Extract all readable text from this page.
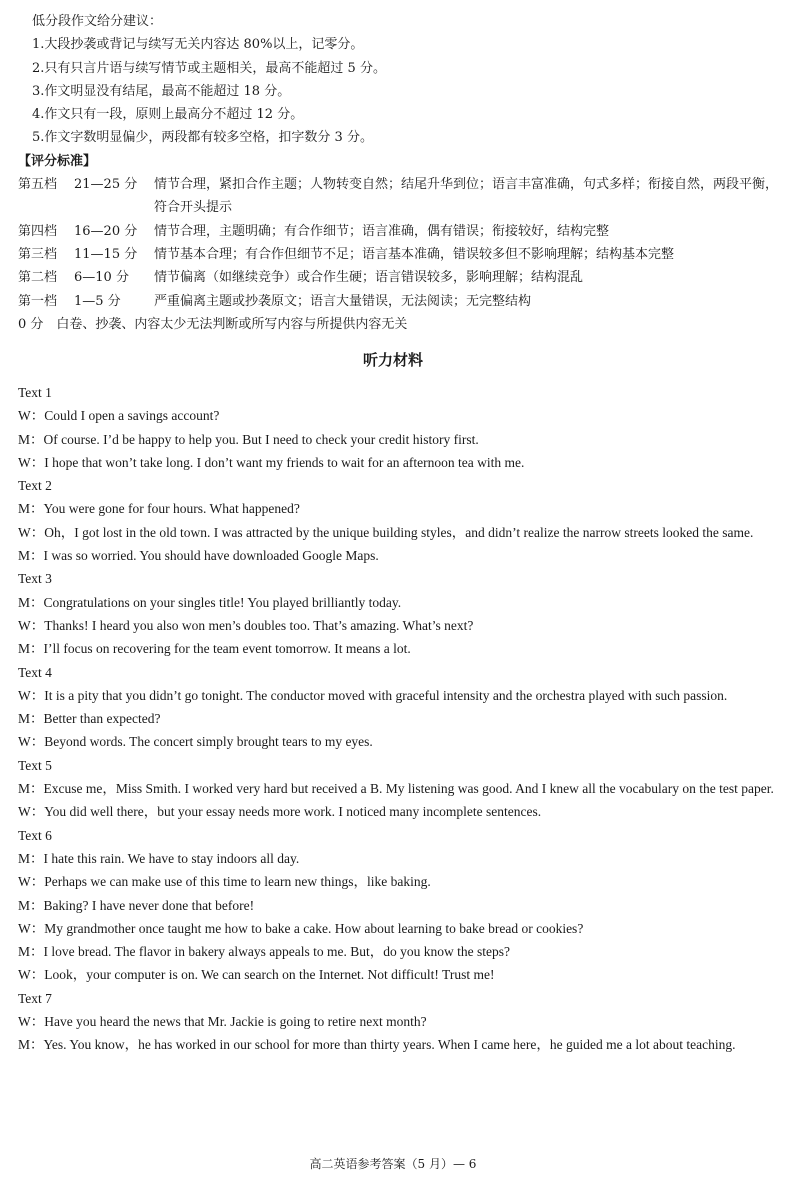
低分段作文给分建议：
1.大段抄袭或背记与续写无关内容达 80%以上，记零分。
2.只有只言片语与续写情节或主题相关，最高不能超过 5 分。
3.作文明显没有结尾，最高不能超过 18 分。
4.作文只有一段，原则上最高分不超过 12 分。
5.作文字数明显偏少，两段都有较多空格，扣字数分 3 分。
【评分标准】
第五档	21—25 分	情节合理，紧扣合作主题；人物转变自然；结尾升华到位；语言丰富准确，句式多样；衔接自然，两段平衡，符合开头提示
第四档	16—20 分	情节合理，主题明确；有合作细节；语言准确，偶有错误；衔接较好，结构完整
第三档	11—15 分	情节基本合理；有合作但细节不足；语言基本准确，错误较多但不影响理解；结构基本完整
第二档	6—10 分	情节偏离（如继续竞争）或合作生硬；语言错误较多，影响理解；结构混乱
第一档	1—5 分	严重偏离主题或抄袭原文；语言大量错误，无法阅读；无完整结构
0 分　白卷、抄袭、内容太少无法判断或所写内容与所提供内容无关
听力材料
Text 1
W：Could I open a savings account?
M：Of course. I’d be happy to help you. But I need to check your credit history first.
W：I hope that won’t take long. I don’t want my friends to wait for an afternoon tea with me.
Text 2
M：You were gone for four hours. What happened?
W：Oh，I got lost in the old town. I was attracted by the unique building styles，and didn’t realize the narrow streets looked the same.
M：I was so worried. You should have downloaded Google Maps.
Text 3
M：Congratulations on your singles title! You played brilliantly today.
W：Thanks! I heard you also won men’s doubles too. That’s amazing. What’s next?
M：I’ll focus on recovering for the team event tomorrow. It means a lot.
Text 4
W：It is a pity that you didn’t go tonight. The conductor moved with graceful intensity and the orchestra played with such passion.
M：Better than expected?
W：Beyond words. The concert simply brought tears to my eyes.
Text 5
M：Excuse me，Miss Smith. I worked very hard but received a B. My listening was good. And I knew all the vocabulary on the test paper.
W：You did well there，but your essay needs more work. I noticed many incomplete sentences.
Text 6
M：I hate this rain. We have to stay indoors all day.
W：Perhaps we can make use of this time to learn new things，like baking.
M：Baking? I have never done that before!
W：My grandmother once taught me how to bake a cake. How about learning to bake bread or cookies?
M：I love bread. The flavor in bakery always appeals to me. But，do you know the steps?
W：Look，your computer is on. We can search on the Internet. Not difficult! Trust me!
Text 7
W：Have you heard the news that Mr. Jackie is going to retire next month?
M：Yes. You know，he has worked in our school for more than thirty years. When I came here，he guided me a lot about teaching.
高二英语参考答案（5 月）— 6
